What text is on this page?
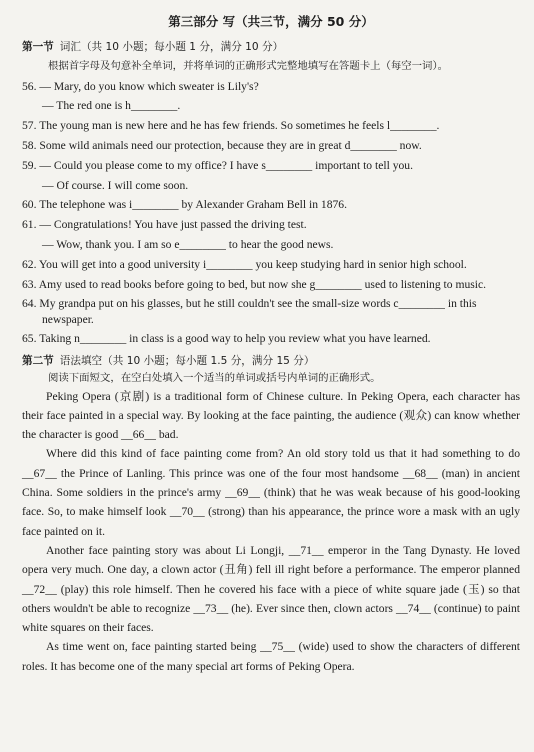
第三部分 写（共三节，满分 50 分）
第一节 词汇（共 10 小题；每小题 1 分，满分 10 分）
根据首字母及句意补全单词，并将单词的正确形式完整地填写在答题卡上（每空一词）。
56. — Mary, do you know which sweater is Lily's?
— The red one is h________.
57. The young man is new here and he has few friends. So sometimes he feels l________.
58. Some wild animals need our protection, because they are in great d________ now.
59. — Could you please come to my office? I have s________ important to tell you.
— Of course. I will come soon.
60. The telephone was i________ by Alexander Graham Bell in 1876.
61. — Congratulations! You have just passed the driving test.
— Wow, thank you. I am so e________ to hear the good news.
62. You will get into a good university i________ you keep studying hard in senior high school.
63. Amy used to read books before going to bed, but now she g________ used to listening to music.
64. My grandpa put on his glasses, but he still couldn't see the small-size words c________ in this newspaper.
65. Taking n________ in class is a good way to help you review what you have learned.
第二节 语法填空（共 10 小题；每小题 1.5 分，满分 15 分）
阅读下面短文，在空白处填入一个适当的单词或括号内单词的正确形式。

Peking Opera (京剧) is a traditional form of Chinese culture. In Peking Opera, each character has their face painted in a special way. By looking at the face painting, the audience (观众) can know whether the character is good __66__ bad.

Where did this kind of face painting come from? An old story told us that it had something to do __67__ the Prince of Lanling. This prince was one of the four most handsome __68__ (man) in ancient China. Some soldiers in the prince's army __69__ (think) that he was weak because of his good-looking face. So, to make himself look __70__ (strong) than his appearance, the prince wore a mask with an ugly face painted on it.

Another face painting story was about Li Longji, __71__ emperor in the Tang Dynasty. He loved opera very much. One day, a clown actor (丑角) fell ill right before a performance. The emperor planned __72__ (play) this role himself. Then he covered his face with a piece of white square jade (玉) so that others wouldn't be able to recognize __73__ (he). Ever since then, clown actors __74__ (continue) to paint white squares on their faces.

As time went on, face painting started being __75__ (wide) used to show the characters of different roles. It has become one of the many special art forms of Peking Opera.
